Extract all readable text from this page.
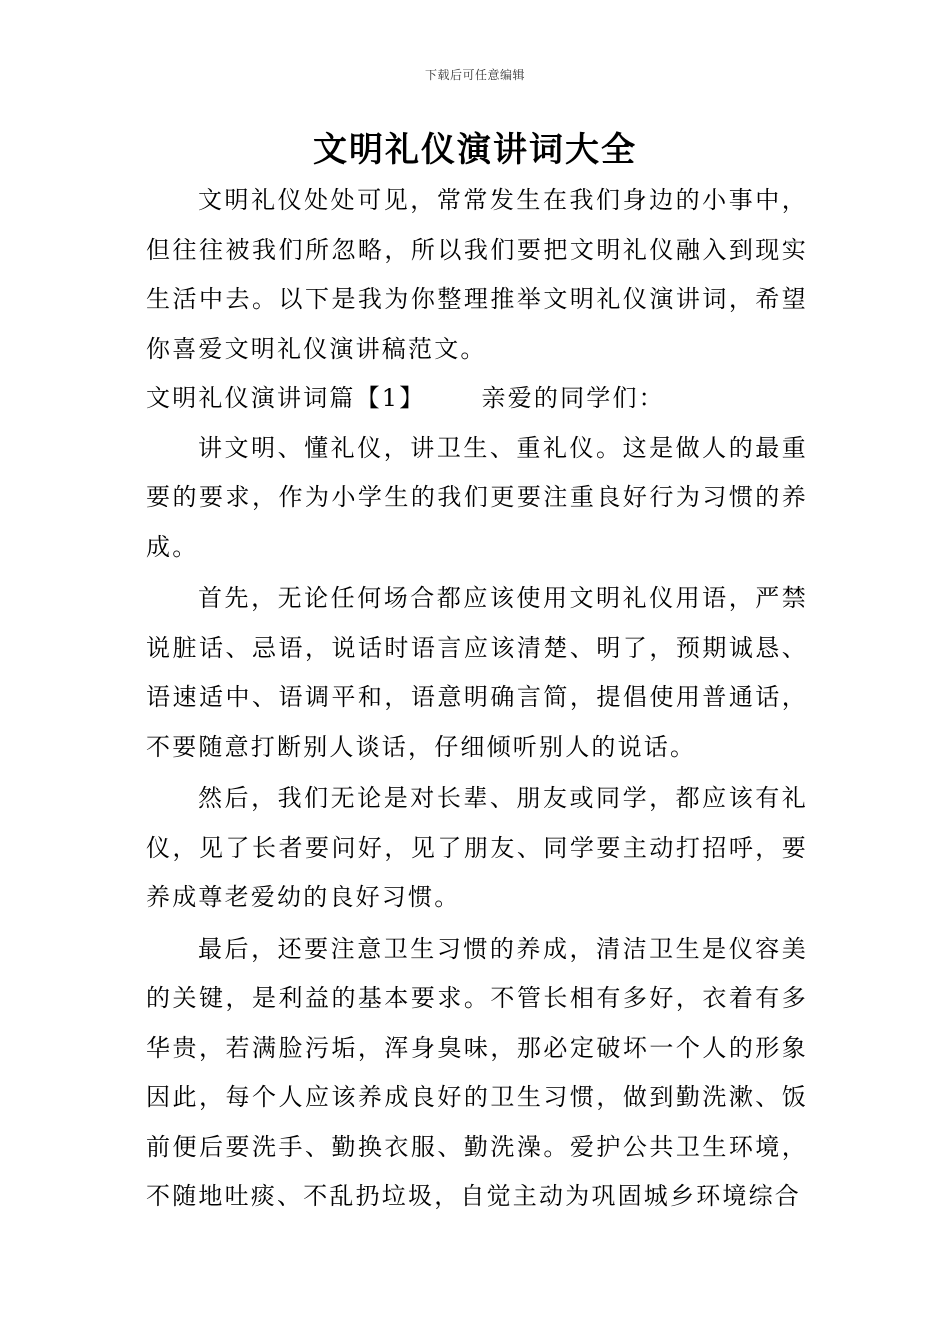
下载后可任意编辑
文明礼仪演讲词大全

文明礼仪处处可见，常常发生在我们身边的小事中，但往往被我们所忽略，所以我们要把文明礼仪融入到现实生活中去。以下是我为你整理推举文明礼仪演讲词，希望你喜爱文明礼仪演讲稿范文。

文明礼仪演讲词篇【1】 亲爱的同学们：

讲文明、懂礼仪，讲卫生、重礼仪。这是做人的最重要的要求，作为小学生的我们更要注重良好行为习惯的养成。

首先，无论任何场合都应该使用文明礼仪用语，严禁说脏话、忌语，说话时语言应该清楚、明了，预期诚恳、语速适中、语调平和，语意明确言简，提倡使用普通话，不要随意打断别人谈话，仔细倾听别人的说话。

然后，我们无论是对长辈、朋友或同学，都应该有礼仪，见了长者要问好，见了朋友、同学要主动打招呼，要养成尊老爱幼的良好习惯。

最后，还要注意卫生习惯的养成，清洁卫生是仪容美的关键，是利益的基本要求。不管长相有多好，衣着有多华贵，若满脸污垢，浑身臭味，那必定破坏一个人的形象因此，每个人应该养成良好的卫生习惯，做到勤洗漱、饭前便后要洗手、勤换衣服、勤洗澡。爱护公共卫生环境，不随地吐痰、不乱扔垃圾，自觉主动为巩固城乡环境综合
